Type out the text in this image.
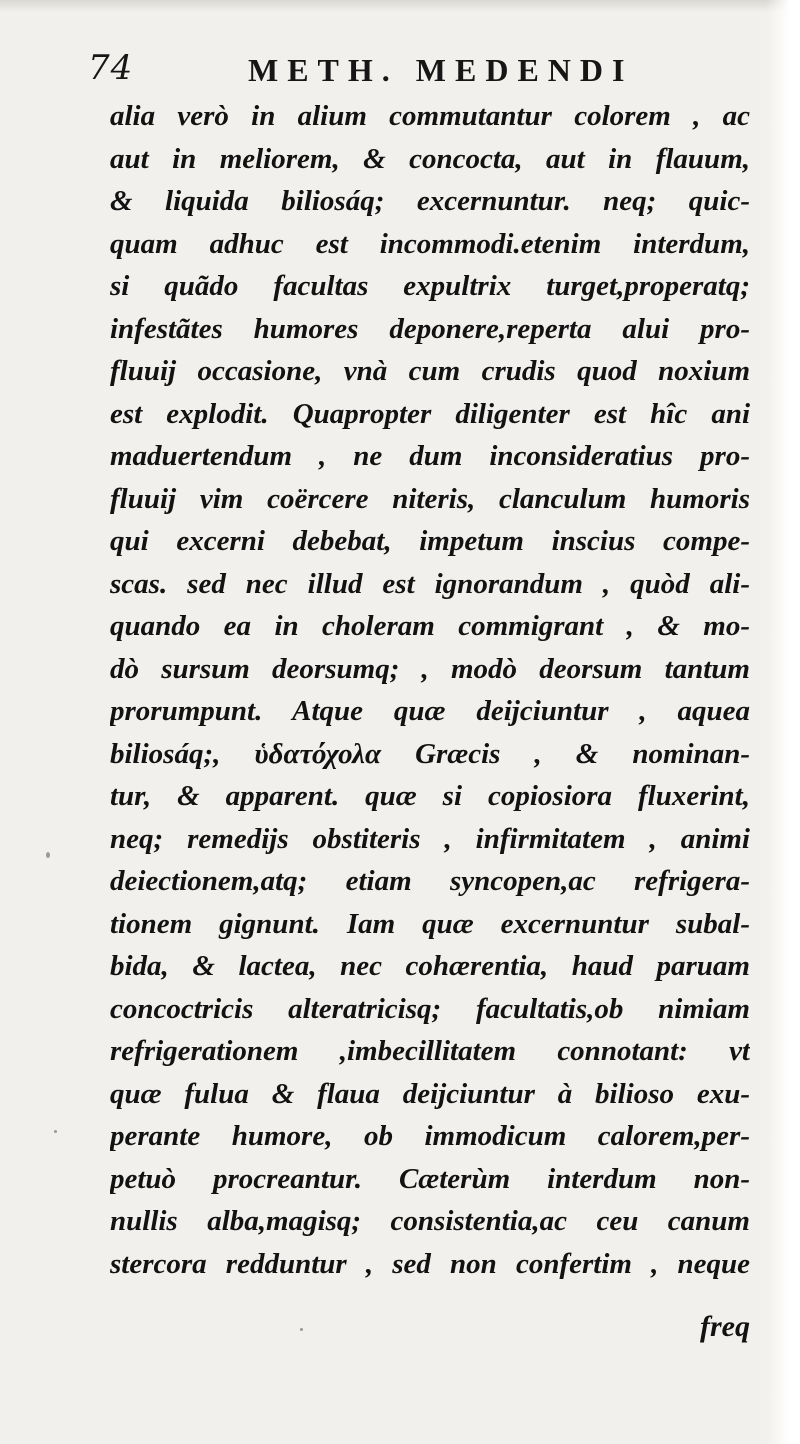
74	METH. MEDENDI
alia verò in alium commutantur colorem , ac
aut in meliorem, & concocta, aut in flauum,
& liquida biliosáq; excernuntur. neq; quic-
quam adhuc est incommodi.etenim interdum,
si quãdo facultas expultrix turget,properatq;
infestãtes humores deponere,reperta alui pro-
fluuij occasione, vnà cum crudis quod noxium
est explodit. Quapropter diligenter est hîc ani
maduertendum , ne dum inconsideratius pro-
fluuij vim coërcere niteris, clanculum humoris
qui excerni debebat, impetum inscius compe-
scas. sed nec illud est ignorandum , quòd ali-
quando ea in choleram commigrant , & mo-
dò sursum deorsumq; , modò deorsum tantum
prorumpunt. Atque quæ deijciuntur , aquea
biliosáq;, ὑδατόχολα Græcis , & nominan-
tur, & apparent. quæ si copiosiora fluxerint,
neq; remedijs obstiteris , infirmitatem , animi
deiectionem,atq; etiam syncopen,ac refrigera-
tionem gignunt. Iam quæ excernuntur subal-
bida, & lactea, nec cohærentia, haud paruam
concoctricis alteratricisq; facultatis,ob nimiam
refrigerationem ,imbecillitatem connotant: vt
quæ fulua & flaua deijciuntur à bilioso exu-
perante humore, ob immodicum calorem,per-
petuò procreantur. Cæterùm interdum non-
nullis alba,magisq; consistentia,ac ceu canum
stercora redduntur , sed non confertim , neque
freq
